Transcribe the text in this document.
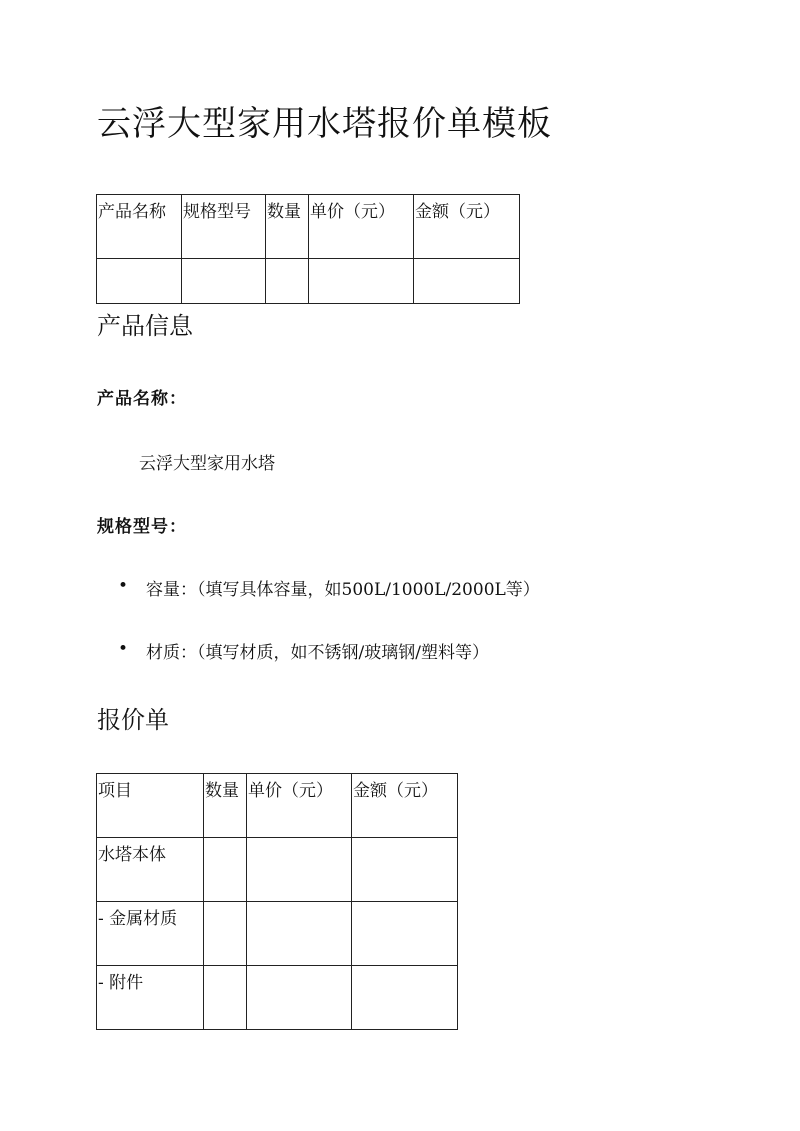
云浮大型家用水塔报价单模板
产品名称	规格型号	数量	单价（元）	金额（元）

产品信息
产品名称：
云浮大型家用水塔
规格型号：
• 容量：（填写具体容量，如500L/1000L/2000L等）
• 材质：（填写材质，如不锈钢/玻璃钢/塑料等）
报价单
项目	数量	单价（元）	金额（元）
水塔本体			
- 金属材质			
- 附件			
